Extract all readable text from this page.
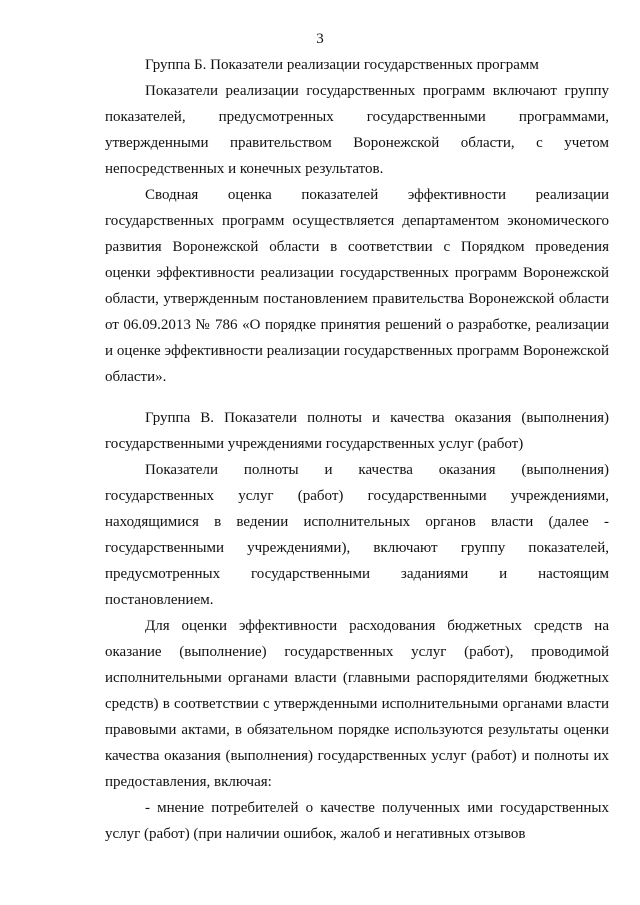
3

Группа Б. Показатели реализации государственных программ

Показатели реализации государственных программ включают группу показателей, предусмотренных государственными программами, утвержденными правительством Воронежской области, с учетом непосредственных и конечных результатов.

Сводная оценка показателей эффективности реализации государственных программ осуществляется департаментом экономического развития Воронежской области в соответствии с Порядком проведения оценки эффективности реализации государственных программ Воронежской области, утвержденным постановлением правительства Воронежской области от 06.09.2013 № 786 «О порядке принятия решений о разработке, реализации и оценке эффективности реализации государственных программ Воронежской области».

Группа В. Показатели полноты и качества оказания (выполнения) государственными учреждениями государственных услуг (работ)

Показатели полноты и качества оказания (выполнения) государственных услуг (работ) государственными учреждениями, находящимися в ведении исполнительных органов власти (далее - государственными учреждениями), включают группу показателей, предусмотренных государственными заданиями и настоящим постановлением.

Для оценки эффективности расходования бюджетных средств на оказание (выполнение) государственных услуг (работ), проводимой исполнительными органами власти (главными распорядителями бюджетных средств) в соответствии с утвержденными исполнительными органами власти правовыми актами, в обязательном порядке используются результаты оценки качества оказания (выполнения) государственных услуг (работ) и полноты их предоставления, включая:

- мнение потребителей о качестве полученных ими государственных услуг (работ) (при наличии ошибок, жалоб и негативных отзывов
